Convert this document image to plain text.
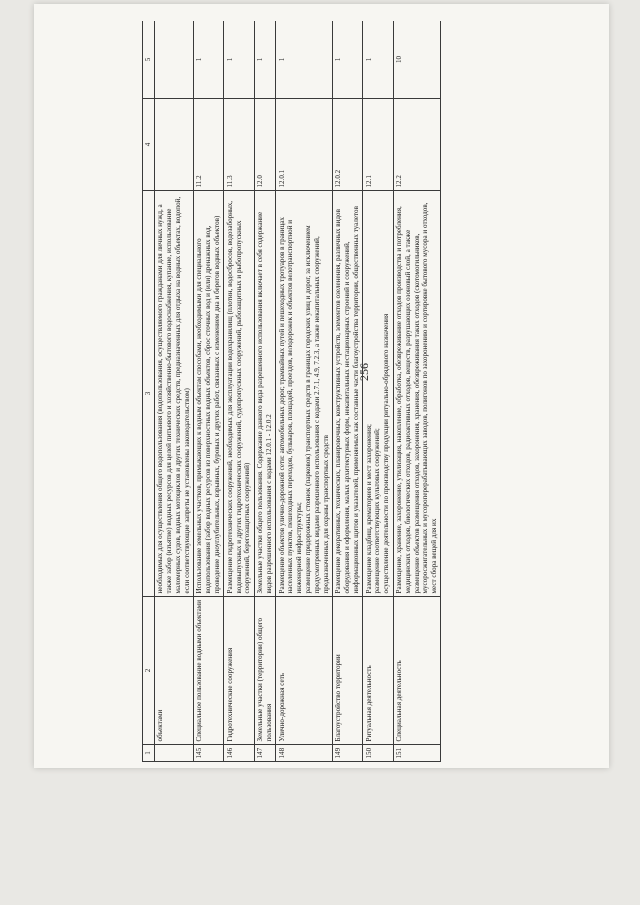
256
1	2	3	4	5
	объектами	необходимых для осуществления общего водопользования (водопользования, осуществляемого гражданами для личных нужд, а также забор (изъятие) водных ресурсов для целей питьевого и хозяйственно-бытового водоснабжения, купание, использование маломерных судов, водных мотоциклов и других технических средств, предназначенных для отдыха на водных объектах, водопой, если соответствующие запреты не установлены законодательством)		

145	Специальное пользование водными объектами	Использование земельных участков, примыкающих к водным объектам способами, необходимыми для специального водопользования (забор водных ресурсов из поверхностных водных объектов, сброс сточных вод и (или) дренажных вод, проведение дноуглубительных, взрывных, буровых и других работ, связанных с изменением дна и берегов водных объектов)	11.2	1
146	Гидротехнические сооружения	Размещение гидротехнических сооружений, необходимых для эксплуатации водохранилищ (плотин, водосбросов, водозаборных, водовыпускных и других гидротехнических сооружений, судопропускных сооружений, рыбозащитных и рыбопропускных сооружений, берегозащитных сооружений)	11.3	1
147	Земельные участки (территории) общего пользования	Земельные участки общего пользования. Содержание данного вида разрешенного использования включает в себя содержание видов разрешенного использования с кодами 12.0.1 - 12.0.2	12.0	1
148	Улично-дорожная сеть	Размещение объектов улично-дорожной сети: автомобильных дорог, трамвайных путей и пешеходных тротуаров в границах населенных пунктов, пешеходных переходов, бульваров, площадей, проездов, велодорожек и объектов велотранспортной и инженерной инфраструктуры; размещение придорожных стоянок (парковок) транспортных средств в границах городских улиц и дорог, за исключением предусмотренных видами разрешенного использования с кодами 2.7.1, 4.9, 7.2.3, а также некапитальных сооружений, предназначенных для охраны транспортных средств	12.0.1	1
149	Благоустройство территории	Размещение декоративных, технических, планировочных, конструктивных устройств, элементов озеленения, различных видов оборудования и оформления, малых архитектурных форм, некапитальных нестационарных строений и сооружений, информационных щитов и указателей, применяемых как составные части благоустройства территории, общественных туалетов	12.0.2	1
150	Ритуальная деятельность	Размещение кладбищ, крематориев и мест захоронения; размещение соответствующих культовых сооружений; осуществление деятельности по производству продукции ритуально-обрядового назначения	12.1	1
151	Специальная деятельность	Размещение, хранение, захоронение, утилизация, накопление, обработка, обезвреживание отходов производства и потребления, медицинских отходов, биологических отходов, радиоактивных отходов, веществ, разрушающих озоновый слой, а также размещение объектов размещения отходов, захоронения, хранения, обезвреживания таких отходов (скотомогильников, мусоросжигательных и мусороперерабатывающих заводов, полигонов по захоронению и сортировке бытового мусора и отходов, мест сбора вещей для их	12.2	10
